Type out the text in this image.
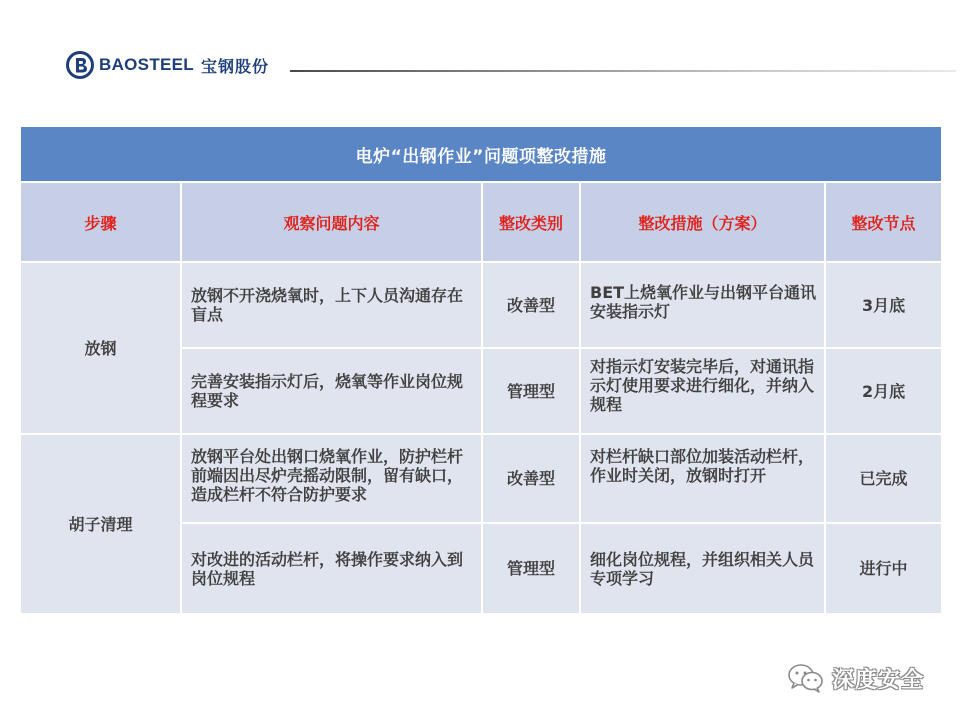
BAOSTEEL 宝钢股份
电炉“出钢作业”问题项整改措施				
步骤	观察问题内容	整改类别	整改措施（方案）	整改节点
放钢	放钢不开浇烧氧时，上下人员沟通存在盲点	改善型	BET上烧氧作业与出钢平台通讯安装指示灯	3月底
	完善安装指示灯后，烧氧等作业岗位规程要求	管理型	对指示灯安装完毕后，对通讯指示灯使用要求进行细化，并纳入规程	2月底
胡子清理	放钢平台处出钢口烧氧作业，防护栏杆前端因出尽炉壳摇动限制，留有缺口，造成栏杆不符合防护要求	改善型	对栏杆缺口部位加装活动栏杆，作业时关闭，放钢时打开	已完成
	对改进的活动栏杆，将操作要求纳入到岗位规程	管理型	细化岗位规程，并组织相关人员专项学习	进行中
深度安全
